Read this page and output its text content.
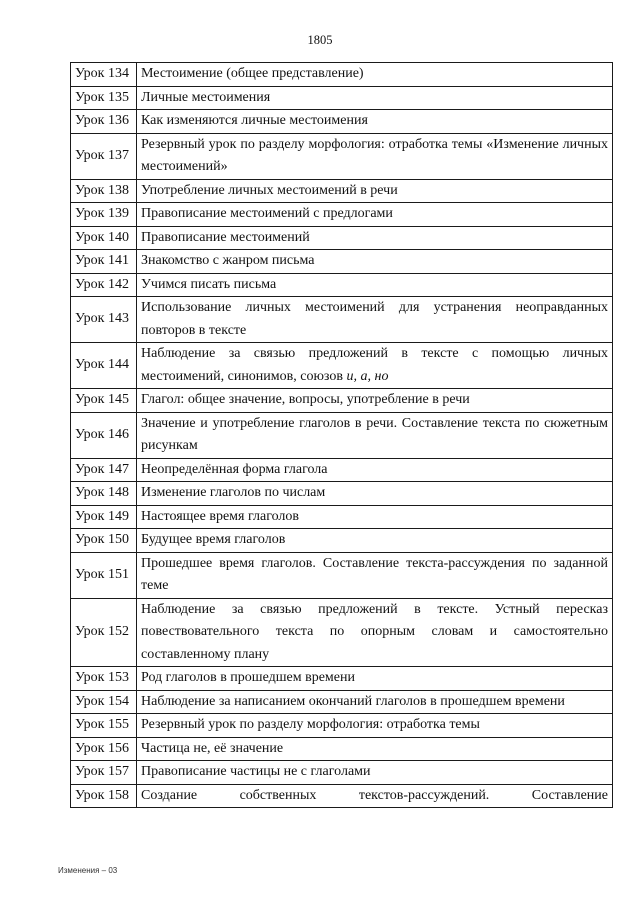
1805
Урок 134	Местоимение (общее представление)
Урок 135	Личные местоимения
Урок 136	Как изменяются личные местоимения
Урок 137	Резервный урок по разделу морфология: отработка темы «Изменение личных местоимений»
Урок 138	Употребление личных местоимений в речи
Урок 139	Правописание местоимений с предлогами
Урок 140	Правописание местоимений
Урок 141	Знакомство с жанром письма
Урок 142	Учимся писать письма
Урок 143	Использование личных местоимений для устранения неоправданных повторов в тексте
Урок 144	Наблюдение за связью предложений в тексте с помощью личных местоимений, синонимов, союзов и, а, но
Урок 145	Глагол: общее значение, вопросы, употребление в речи
Урок 146	Значение и употребление глаголов в речи. Составление текста по сюжетным рисункам
Урок 147	Неопределённая форма глагола
Урок 148	Изменение глаголов по числам
Урок 149	Настоящее время глаголов
Урок 150	Будущее время глаголов
Урок 151	Прошедшее время глаголов. Составление текста-рассуждения по заданной теме
Урок 152	Наблюдение за связью предложений в тексте. Устный пересказ повествовательного текста по опорным словам и самостоятельно составленному плану
Урок 153	Род глаголов в прошедшем времени
Урок 154	Наблюдение за написанием окончаний глаголов в прошедшем времени
Урок 155	Резервный урок по разделу морфология: отработка темы
Урок 156	Частица не, её значение
Урок 157	Правописание частицы не с глаголами
Урок 158	Создание собственных текстов-рассуждений. Составление
Изменения – 03
